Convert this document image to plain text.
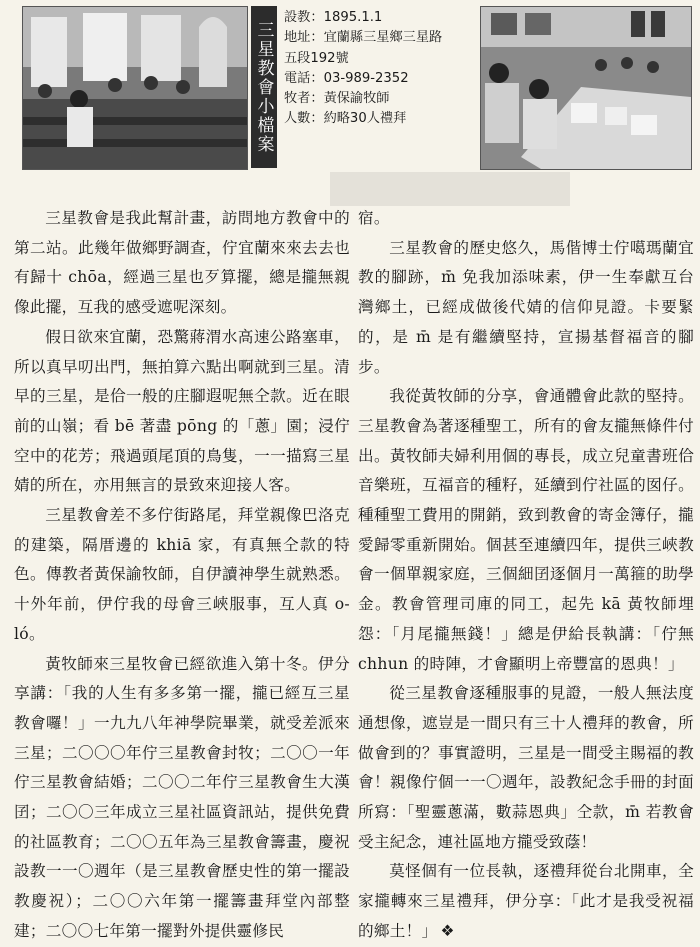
三星教會小檔案
設教：1895.1.1
地址：宜蘭縣三星鄉三星路
五段192號
電話：03-989-2352
牧者：黃保諭牧師
人數：約略30人禮拜

三星教會是我此幫計畫，訪問地方教會中的第二站。此幾年做鄉野調查，佇宜蘭來來去去也有歸十 chōa，經過三星也歹算擺，總是攏無親像此擺，互我的感受遮呢深刻。

假日欲來宜蘭，恐驚蔣渭水高速公路塞車，所以真早叨出門，無拍算六點出啊就到三星。清早的三星，是佮一般的庄腳遐呢無仝款。近在眼前的山嶺；看 bē 著盡 pōng 的「蔥」園；浸佇空中的花芳；飛過頭尾頂的鳥隻，一一描寫三星婧的所在，亦用無言的景致來迎接人客。

三星教會差不多佇街路尾，拜堂親像巴洛克的建築，隔厝邊的 khiā 家，有真無仝款的特色。傳教者黃保諭牧師，自伊讀神學生就熟悉。十外年前，伊佇我的母會三峽服事，互人真 o-ló。

黃牧師來三星牧會已經欲進入第十冬。伊分享講：「我的人生有多多第一擺，攏已經互三星教會囉！」一九九八年神學院畢業，就受差派來三星；二〇〇〇年佇三星教會封牧；二〇〇一年佇三星教會結婚；二〇〇二年佇三星教會生大漢囝；二〇〇三年成立三星社區資訊站，提供免費的社區教育；二〇〇五年為三星教會籌畫，慶祝設教一一〇週年（是三星教會歷史性的第一擺設教慶祝）；二〇〇六年第一擺籌畫拜堂內部整建；二〇〇七年第一擺對外提供靈修民

宿。

三星教會的歷史悠久，馬偕博士佇噶瑪蘭宜教的腳跡，m̄ 免我加添味素，伊一生奉獻互台灣鄉土，已經成做後代婧的信仰見證。卡要緊的，是 m̄ 是有繼續堅持，宣揚基督福音的腳步。

我從黃牧師的分享，會通體會此款的堅持。三星教會為著逐種聖工，所有的會友攏無條件付出。黃牧師夫婦利用個的專長，成立兒童書班佮音樂班，互福音的種籽，延續到佇社區的囡仔。種種聖工費用的開銷，致到教會的寄金簿仔，攏愛歸零重新開始。個甚至連續四年，提供三峽教會一個單親家庭，三個細囝逐個月一萬箍的助學金。教會管理司庫的同工，起先 kā 黃牧師埋怨：「月尾攏無錢！」總是伊給長執講：「佇無 chhun 的時陣，才會顯明上帝豐富的恩典！」

從三星教會逐種服事的見證，一般人無法度通想像，遮豈是一間只有三十人禮拜的教會，所做會到的？事實證明，三星是一間受主賜福的教會！親像佇個一一〇週年，設教紀念手冊的封面所寫：「聖靈蔥滿，數蒜恩典」仝款，m̄ 若教會受主紀念，連社區地方攏受致蔭！

莫怪個有一位長執，逐禮拜從台北開車，全家攏轉來三星禮拜，伊分享：「此才是我受祝福的鄉土！」 ❖
